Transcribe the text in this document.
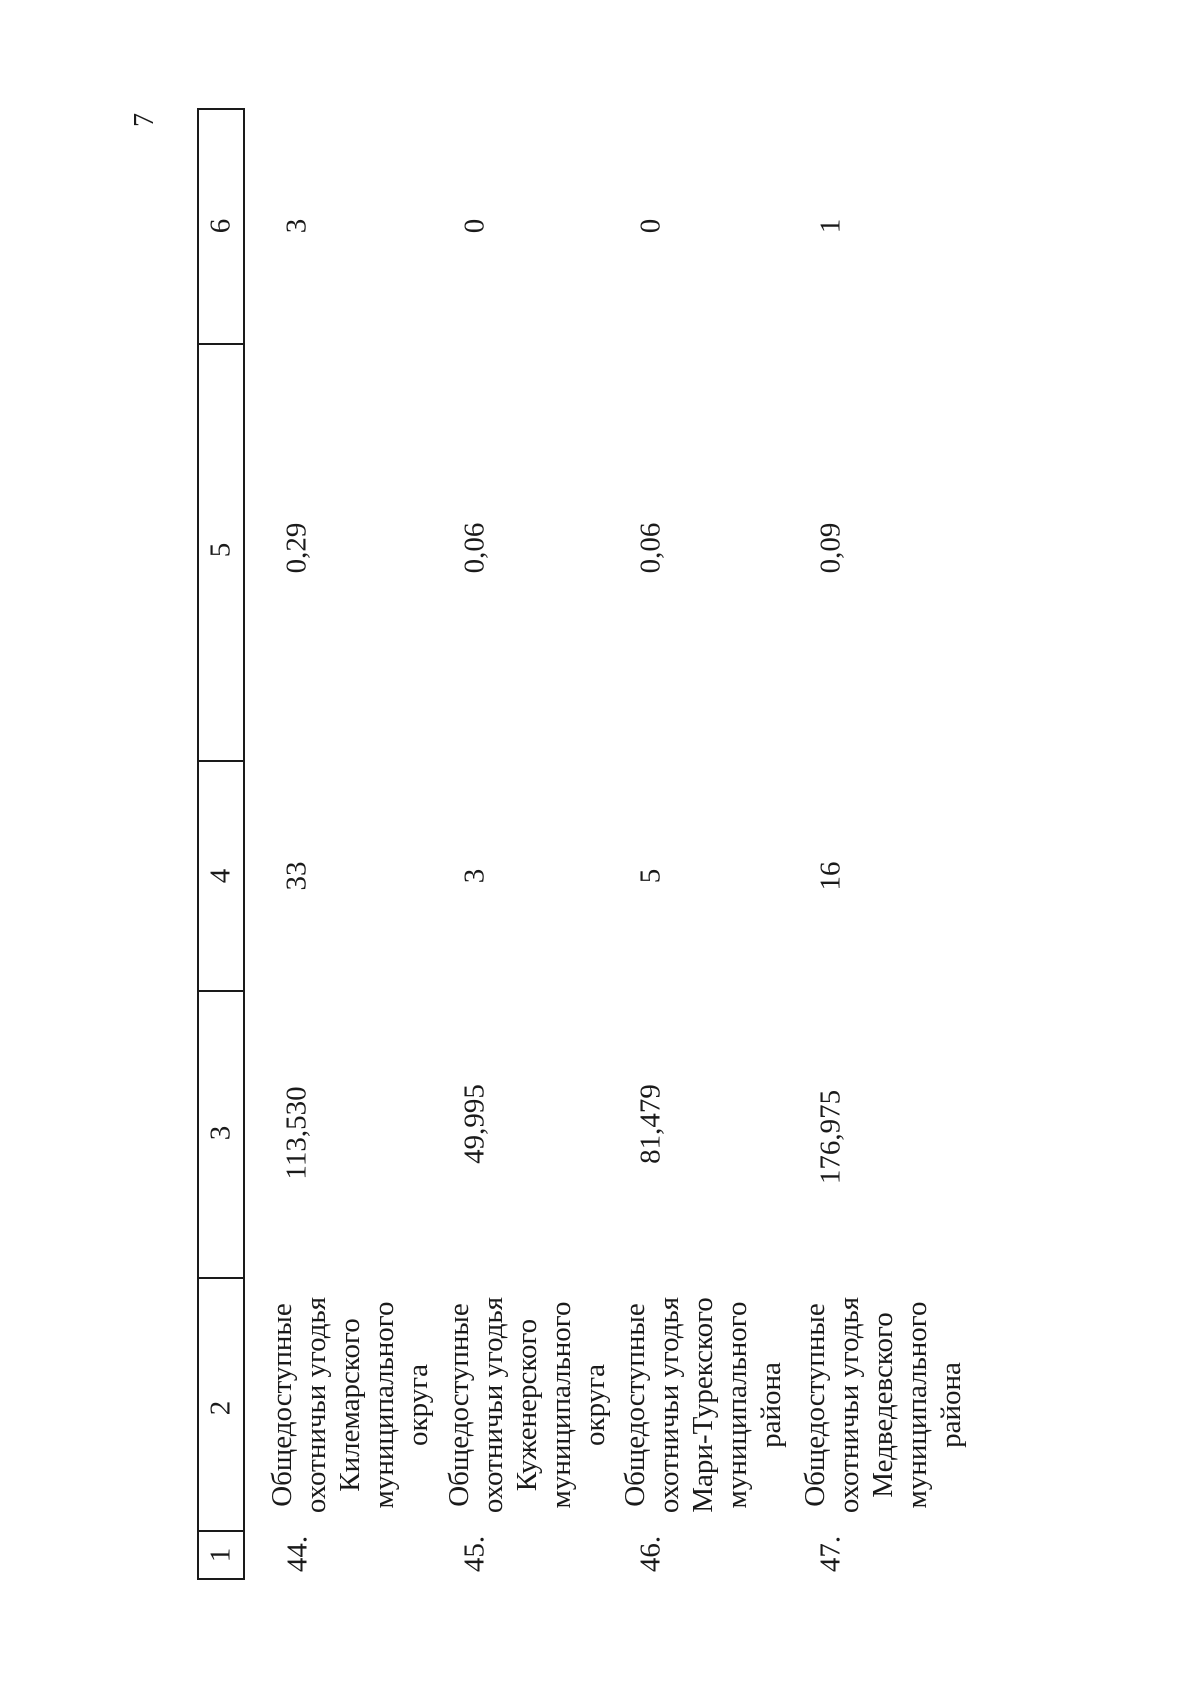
7
6
5
4
3
2
1 44.
Общедоступные охотничьи угодья Килемарского муниципального округа
113,530
33
0,29
3
45.
Общедоступные охотничьи угодья Куженерского муниципального округа
49,995
3
0,06
0
46.
Общедоступные охотничьи угодья Мари-Турекского муниципального района
81,479
5
0,06
0
47.
Общедоступные охотничьи угодья Медведевского муниципального района
176,975
16
0,09
1
